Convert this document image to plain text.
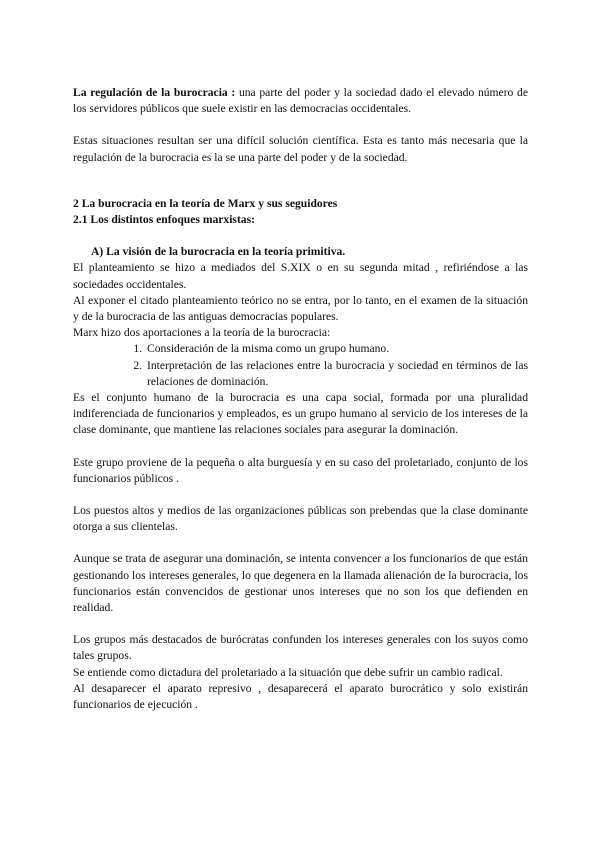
La regulación de la burocracia : una parte del poder y la sociedad dado el elevado número de los servidores públicos que suele existir en las democracias occidentales.

Estas situaciones resultan ser una difícil solución científica. Esta es tanto más necesaria que la regulación de la burocracia es la se una parte del poder y de la sociedad.

2 La burocracia en la teoría de Marx y sus seguidores

2.1 Los distintos enfoques marxistas:

A) La visión de la burocracia en la teoría primitiva.

El planteamiento se hizo a mediados del S.XIX o en su segunda mitad , refiriéndose a las sociedades occidentales.

Al exponer el citado planteamiento teórico no se entra, por lo tanto, en el examen de la situación y de la burocracia de las antiguas democracias populares.

Marx hizo dos aportaciones a la teoría de la burocracia:

1. Consideración de la misma como un grupo humano.
2. Interpretación de las relaciones entre la burocracia y sociedad en términos de las relaciones de dominación.

Es el conjunto humano de la burocracia es una capa social, formada por una pluralidad indiferenciada de funcionarios y empleados, es un grupo humano al servicio de los intereses de la clase dominante, que mantiene las relaciones sociales para asegurar la dominación.

Este grupo proviene de la pequeña o alta burguesía y en su caso del proletariado, conjunto de los funcionarios públicos .

Los puestos altos y medios de las organizaciones públicas son prebendas que la clase dominante otorga a sus clientelas.

Aunque se trata de asegurar una dominación, se intenta convencer a los funcionarios de que están gestionando los intereses generales, lo que degenera en la llamada alienación de la burocracia, los funcionarios están convencidos de gestionar unos intereses que no son los que defienden en realidad.

Los grupos más destacados de burócratas confunden los intereses generales con los suyos como tales grupos.

Se entiende como dictadura del proletariado a la situación que debe sufrir un cambio radical.

Al desaparecer el aparato represivo , desaparecerá el aparato burocrático y solo existirán funcionarios de ejecución .
